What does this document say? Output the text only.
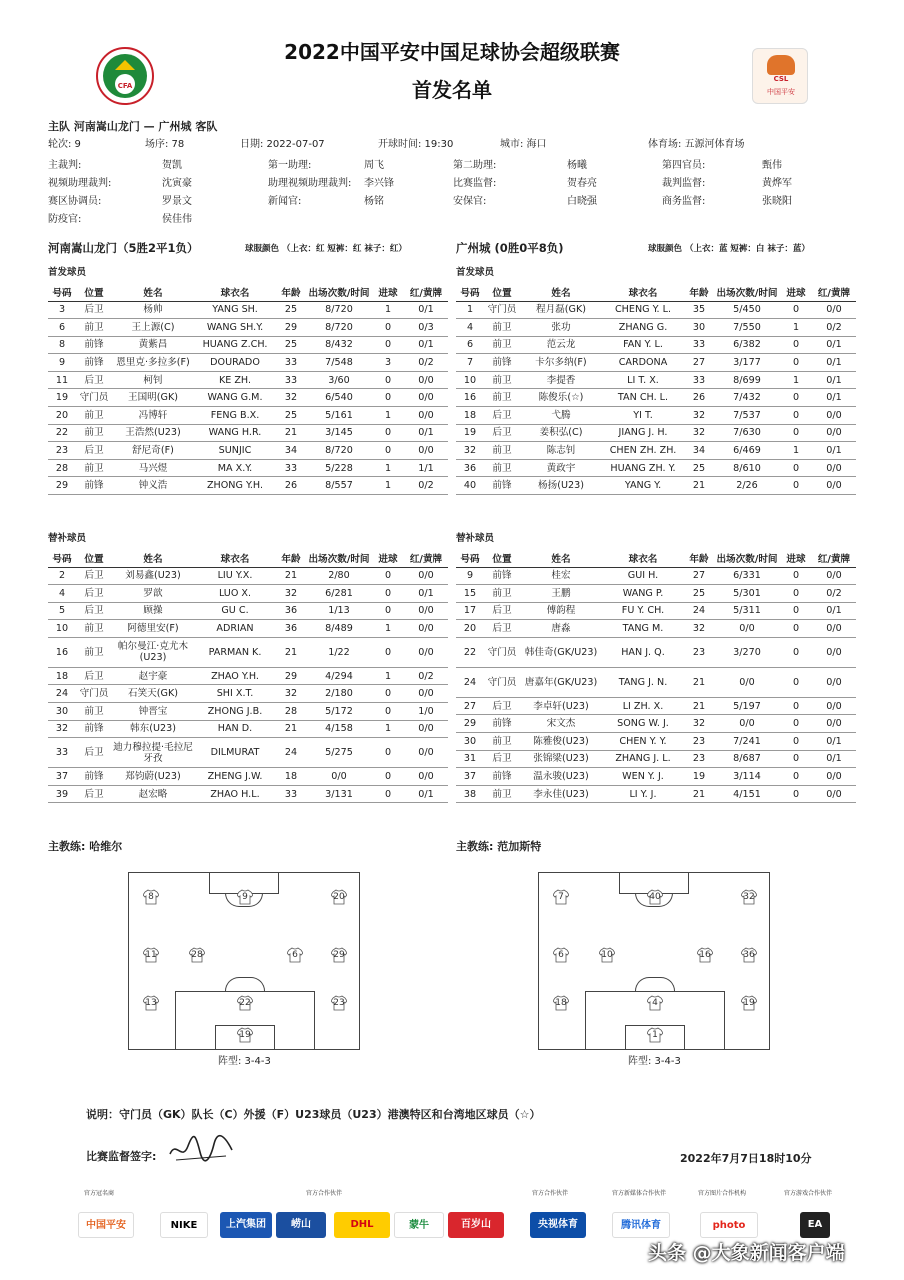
CFA
2022中国平安中国足球协会超级联赛
首发名单	CSL
中国平安
主队 河南嵩山龙门 — 广州城 客队
轮次: 9	场序: 78	日期: 2022-07-07	开球时间: 19:30	城市: 海口	体育场: 五源河体育场
主裁判:	贺凯	第一助理:	周飞	第二助理:	杨曦	第四官员:	甄伟
视频助理裁判:	沈寅豪	助理视频助理裁判: 李兴锋	比赛监督:	贺春亮	裁判监督:	黄烨军
赛区协调员:	罗景文	新闻官:	杨铭	安保官:	白晓强	商务监督:	张晓阳
防疫官:	侯佳伟
河南嵩山龙门（5胜2平1负）	球服颜色 （上衣：红 短裤：红 袜子：红）	广州城 (0胜0平8负)	球服颜色 （上衣：蓝 短裤：白 袜子：蓝）
首发球员	首发球员
号码	位置	姓名	球衣名	年龄	出场次数/时间	进球	红/黄牌
3	后卫	杨帅	YANG SH.	25	8/720	1	0/1
6	前卫	王上源(C)	WANG SH.Y.	29	8/720	0	0/3
8	前锋	黄紫昌	HUANG Z.CH.	25	8/432	0	0/1
9	前锋	恩里克·多拉多(F)	DOURADO	33	7/548	3	0/2
11	后卫	柯钊	KE ZH.	33	3/60	0	0/0
19	守门员	王国明(GK)	WANG G.M.	32	6/540	0	0/0
20	前卫	冯博轩	FENG B.X.	25	5/161	1	0/0
22	前卫	王浩然(U23)	WANG H.R.	21	3/145	0	0/1
23	后卫	舒尼奇(F)	SUNJIC	34	8/720	0	0/0
28	前卫	马兴煜	MA X.Y.	33	5/228	1	1/1
29	前锋	钟义浩	ZHONG Y.H.	26	8/557	1	0/2
号码	位置	姓名	球衣名	年龄	出场次数/时间	进球	红/黄牌
1	守门员	程月磊(GK)	CHENG Y. L.	35	5/450	0	0/0
4	前卫	张功	ZHANG G.	30	7/550	1	0/2
6	前卫	范云龙	FAN Y. L.	33	6/382	0	0/1
7	前锋	卡尔多纳(F)	CARDONA	27	3/177	0	0/1
10	前卫	李提香	LI T. X.	33	8/699	1	0/1
16	前卫	陈俊乐(☆)	TAN CH. L.	26	7/432	0	0/1
18	后卫	弋腾	YI T.	32	7/537	0	0/0
19	后卫	姜积弘(C)	JIANG J. H.	32	7/630	0	0/0
32	前卫	陈志钊	CHEN ZH. ZH.	34	6/469	1	0/1
36	前卫	黄政宇	HUANG ZH. Y.	25	8/610	0	0/0
40	前锋	杨扬(U23)	YANG Y.	21	2/26	0	0/0
替补球员	替补球员
号码	位置	姓名	球衣名	年龄	出场次数/时间	进球	红/黄牌
2	后卫	刘易鑫(U23)	LIU Y.X.	21	2/80	0	0/0
4	后卫	罗歆	LUO X.	32	6/281	0	0/1
5	后卫	顾操	GU C.	36	1/13	0	0/0
10	前卫	阿德里安(F)	ADRIAN	36	8/489	1	0/0
16	前卫	帕尔曼江·克尤木(U23)	PARMAN K.	21	1/22	0	0/0
18	后卫	赵宇豪	ZHAO Y.H.	29	4/294	1	0/2
24	守门员	石笑天(GK)	SHI X.T.	32	2/180	0	0/0
30	前卫	钟晋宝	ZHONG J.B.	28	5/172	0	1/0
32	前锋	韩东(U23)	HAN D.	21	4/158	1	0/0
33	后卫	迪力穆拉提·毛拉尼牙孜	DILMURAT	24	5/275	0	0/0
37	前锋	郑钧蔚(U23)	ZHENG J.W.	18	0/0	0	0/0
39	后卫	赵宏略	ZHAO H.L.	33	3/131	0	0/1
号码	位置	姓名	球衣名	年龄	出场次数/时间	进球	红/黄牌
9	前锋	桂宏	GUI H.	27	6/331	0	0/0
15	前卫	王鹏	WANG P.	25	5/301	0	0/2
17	后卫	傅韵程	FU Y. CH.	24	5/311	0	0/1
20	后卫	唐淼	TANG M.	32	0/0	0	0/0
22	守门员	韩佳奇(GK/U23)	HAN J. Q.	23	3/270	0	0/0
24	守门员	唐嘉年(GK/U23)	TANG J. N.	21	0/0	0	0/0
27	后卫	李卓轩(U23)	LI ZH. X.	21	5/197	0	0/0
29	前锋	宋文杰	SONG W. J.	32	0/0	0	0/0
30	前卫	陈雅俊(U23)	CHEN Y. Y.	23	7/241	0	0/1
31	后卫	张锦梁(U23)	ZHANG J. L.	23	8/687	0	0/1
37	前锋	温永骏(U23)	WEN Y. J.	19	3/114	0	0/0
38	前卫	李永佳(U23)	LI Y. J.	21	4/151	0	0/0
主教练: 哈维尔	主教练: 范加斯特
8	9	20
11	28	6	29
13	22	23
19
阵型: 3-4-3
7	40	32
6	10	16	36
18	4	19
1
阵型: 3-4-3
说明：守门员（GK）队长（C）外援（F）U23球员（U23）港澳特区和台湾地区球员（☆）
比赛监督签字:	2022年7月7日18时10分
官方冠名商	官方合作伙伴	官方合作伙伴	官方新媒体合作伙伴	官方图片合作机构	官方游戏合作伙伴
中国平安	NIKE	上汽集团	崂山	DHL	蒙牛	百岁山	央视体育	腾讯体育	photo	EA
头条 @大象新闻客户端
